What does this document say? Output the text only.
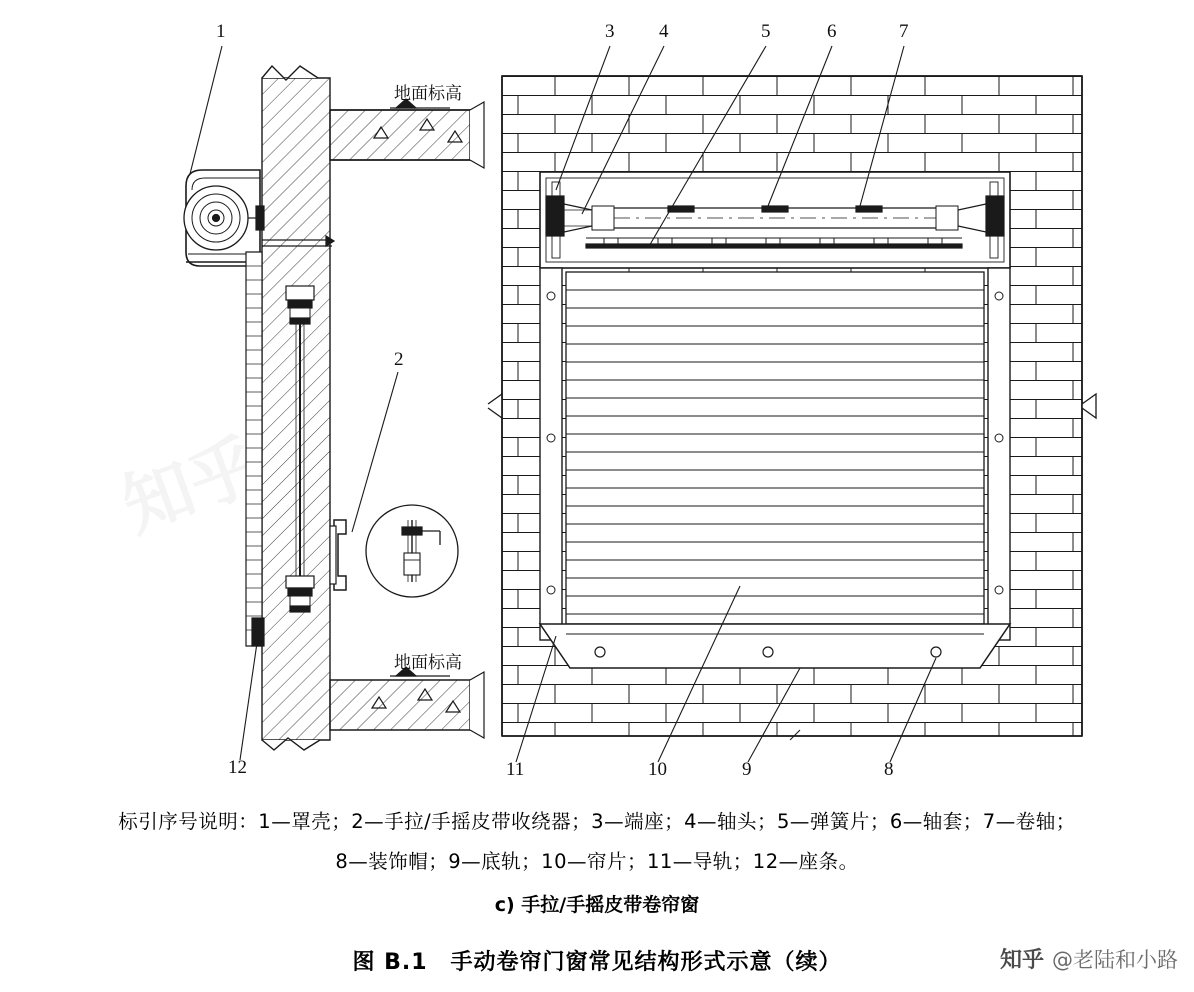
1
2
3 4	5	6	7
8
9
10
11
12
地面标高
地面标高

标引序号说明：1—罩壳；2—手拉/手摇皮带收绕器；3—端座；4—轴头；5—弹簧片；6—轴套；7—卷轴；

8—装饰帽；9—底轨；10—帘片；11—导轨；12—座条。

c) 手拉/手摇皮带卷帘窗

图 B.1　手动卷帘门窗常见结构形式示意（续）	知乎 @老陆和小路
